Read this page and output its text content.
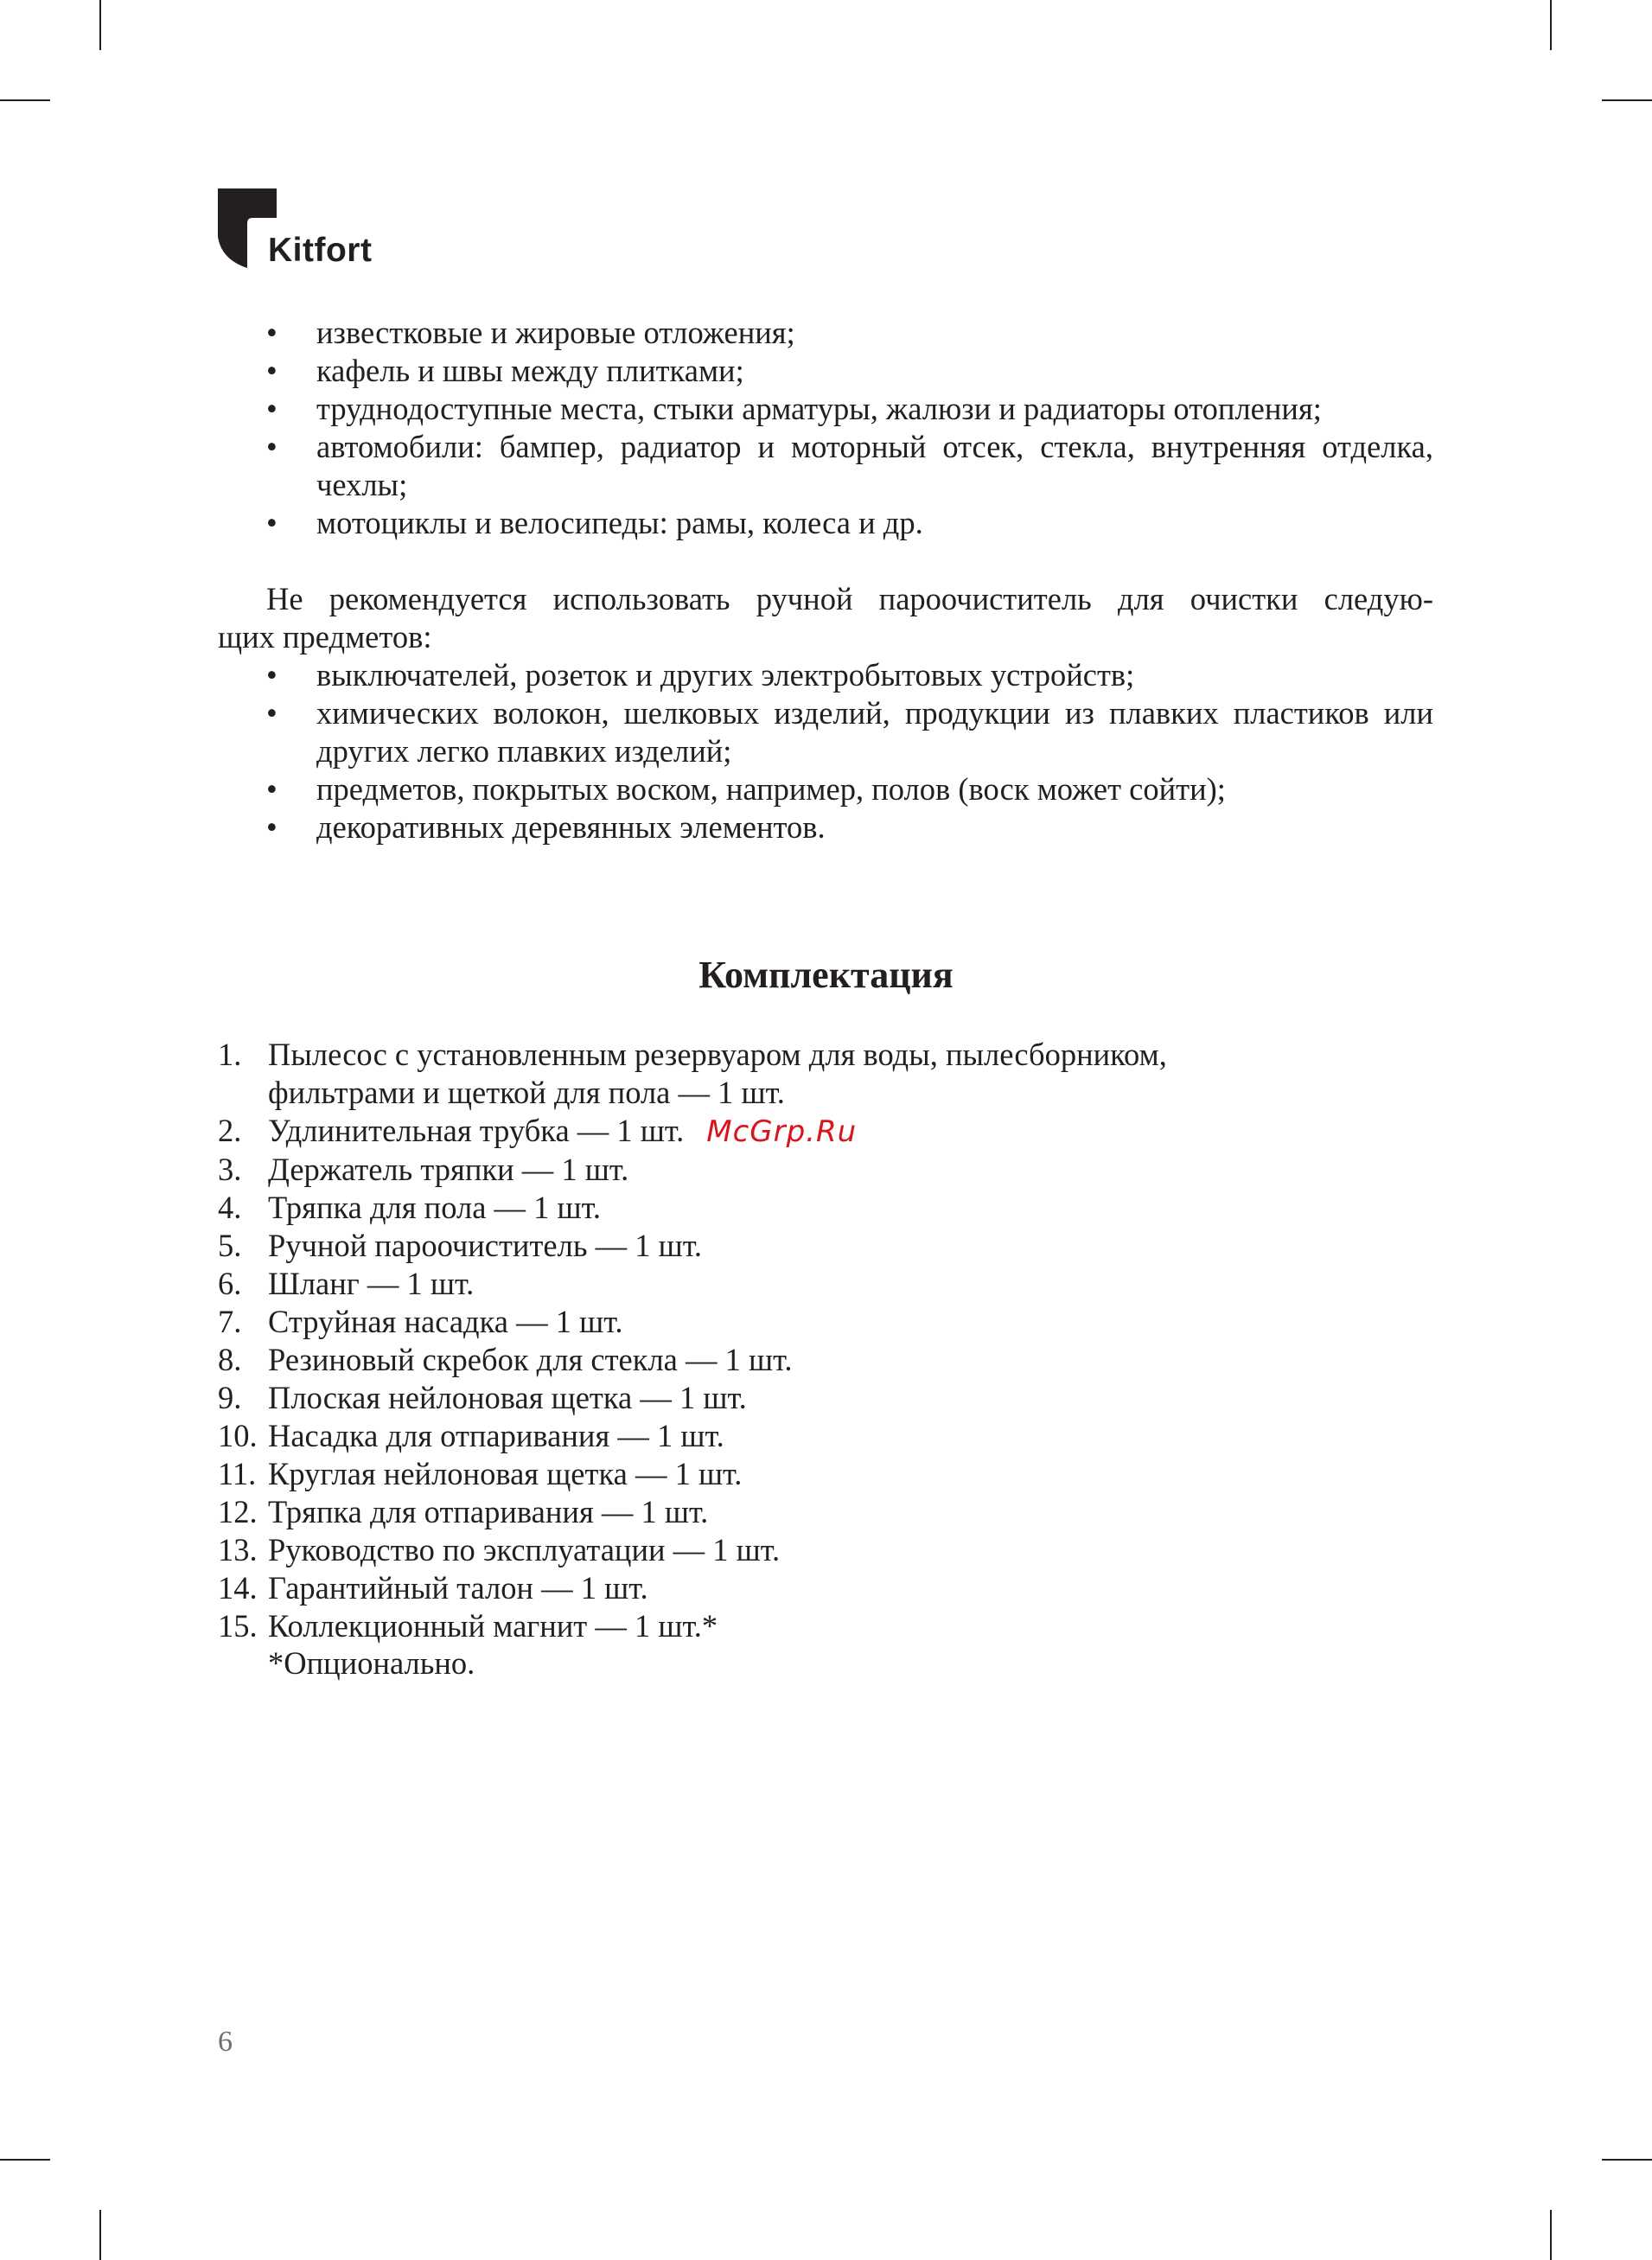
Kitfort
• известковые и жировые отложения;
• кафель и швы между плитками;
• труднодоступные места, стыки арматуры, жалюзи и радиаторы отопления;
• автомобили: бампер, радиатор и моторный отсек, стекла, внутренняя отделка, чехлы;
• мотоциклы и велосипеды: рамы, колеса и др.
Не рекомендуется использовать ручной пароочиститель для очистки следую-
щих предметов:
• выключателей, розеток и других электробытовых устройств;
• химических волокон, шелковых изделий, продукции из плавких пластиков или других легко плавких изделий;
• предметов, покрытых воском, например, полов (воск может сойти);
• декоративных деревянных элементов.
Комплектация
1. Пылесос с установленным резервуаром для воды, пылесборником,
фильтрами и щеткой для пола — 1 шт.
2. Удлинительная трубка — 1 шт. McGrp.Ru
3. Держатель тряпки — 1 шт.
4. Тряпка для пола — 1 шт.
5. Ручной пароочиститель — 1 шт.
6. Шланг — 1 шт.
7. Струйная насадка — 1 шт.
8. Резиновый скребок для стекла — 1 шт.
9. Плоская нейлоновая щетка — 1 шт.
10. Насадка для отпаривания — 1 шт.
11. Круглая нейлоновая щетка — 1 шт.
12. Тряпка для отпаривания — 1 шт.
13. Руководство по эксплуатации — 1 шт.
14. Гарантийный талон — 1 шт.
15. Коллекционный магнит — 1 шт.*
*Опционально.
6
